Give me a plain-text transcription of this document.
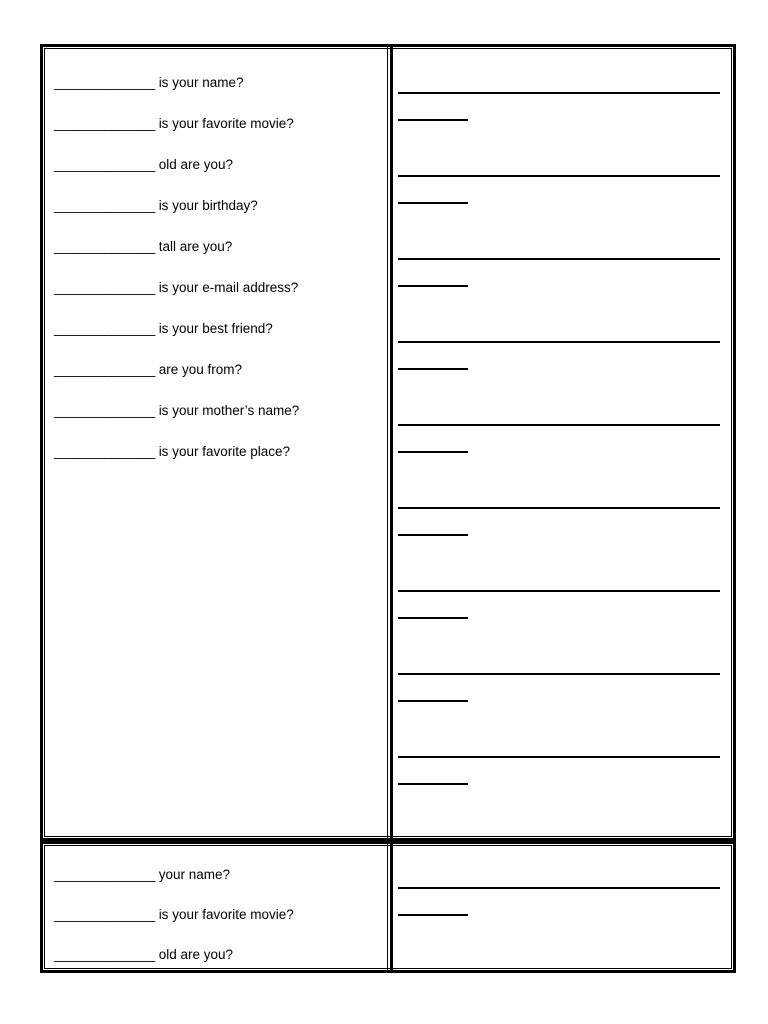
______________ is your name?
______________ is your favorite movie?
______________ old are you?
______________ is your birthday?
______________ tall are you?
______________ is your e-mail address?
______________ is your best friend?
______________ are you from?
______________ is your mother’s name?
______________ is your favorite place?
______________ your name?
______________ is your favorite movie?
______________ old are you?
